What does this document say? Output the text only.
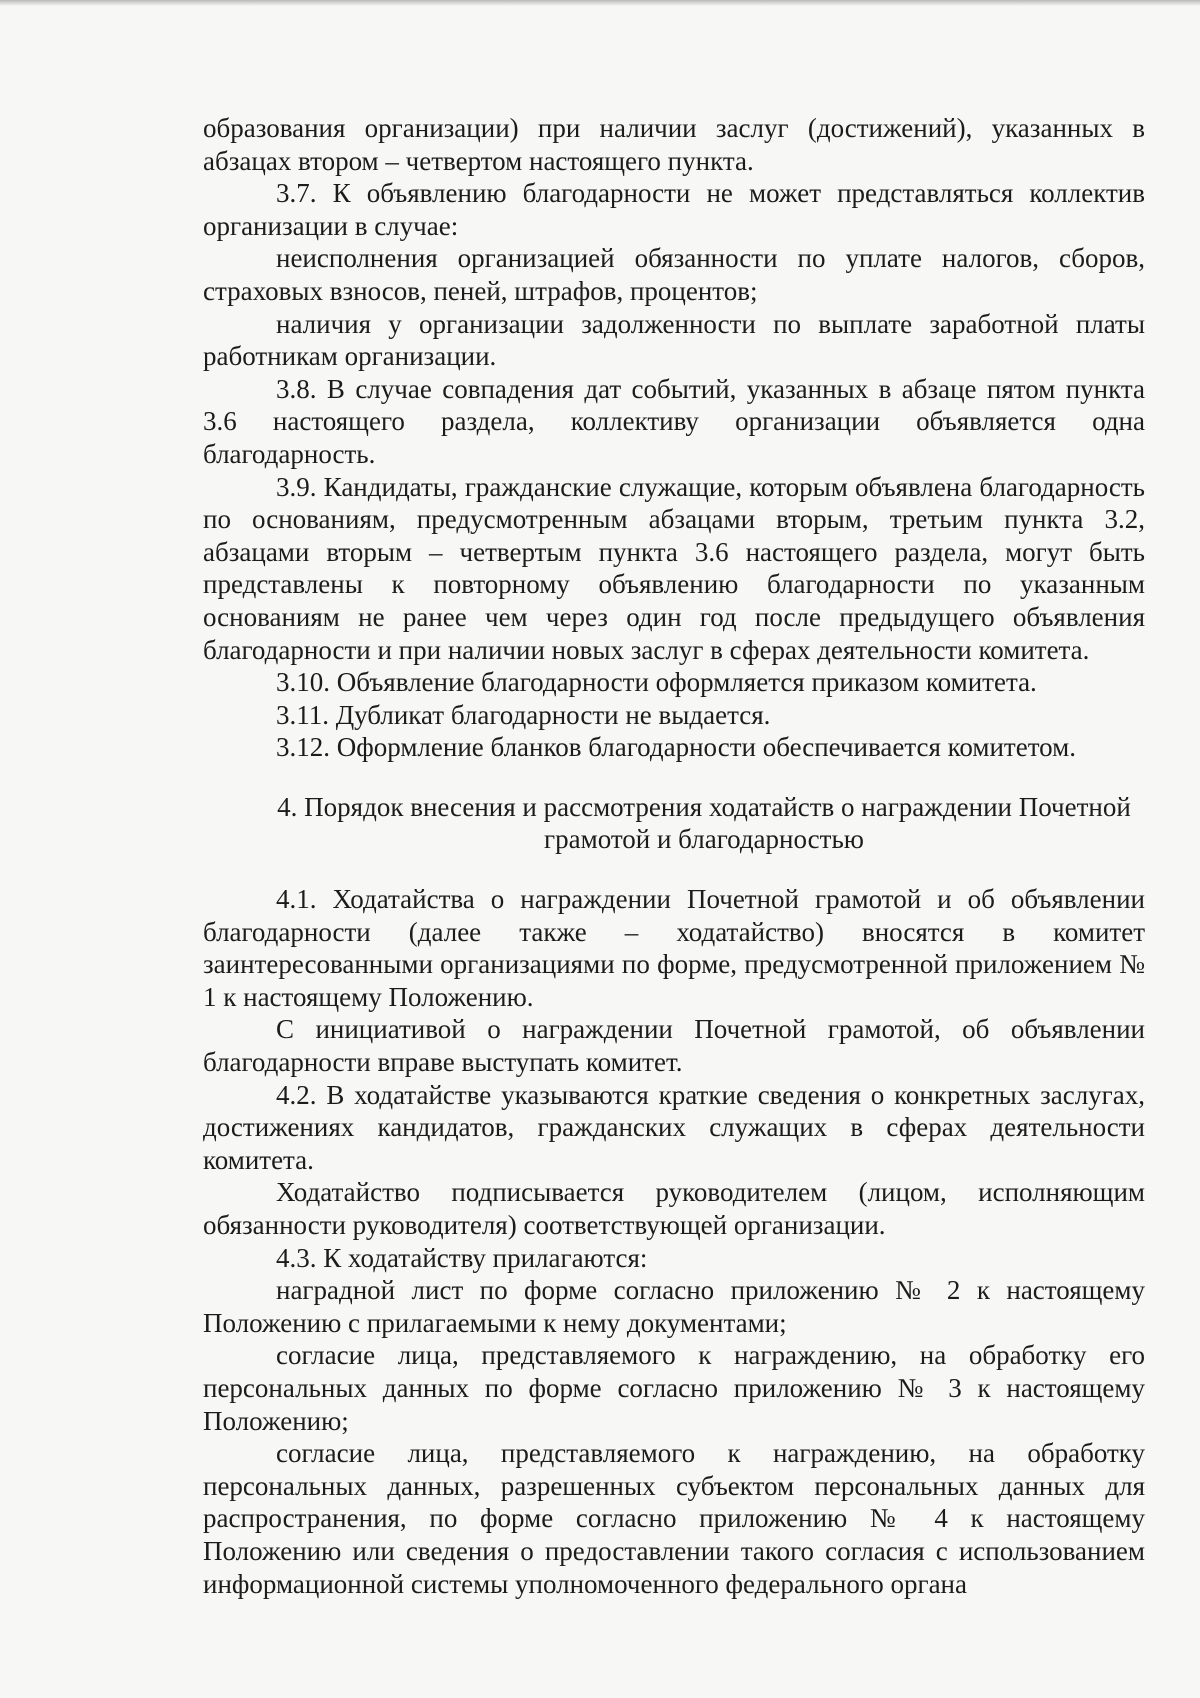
образования организации) при наличии заслуг (достижений), указанных в абзацах втором – четвертом настоящего пункта.

3.7. К объявлению благодарности не может представляться коллектив организации в случае:

неисполнения организацией обязанности по уплате налогов, сборов, страховых взносов, пеней, штрафов, процентов;

наличия у организации задолженности по выплате заработной платы работникам организации.

3.8. В случае совпадения дат событий, указанных в абзаце пятом пункта 3.6 настоящего раздела, коллективу организации объявляется одна благодарность.

3.9. Кандидаты, гражданские служащие, которым объявлена благодарность по основаниям, предусмотренным абзацами вторым, третьим пункта 3.2, абзацами вторым – четвертым пункта 3.6 настоящего раздела, могут быть представлены к повторному объявлению благодарности по указанным основаниям не ранее чем через один год после предыдущего объявления благодарности и при наличии новых заслуг в сферах деятельности комитета.

3.10. Объявление благодарности оформляется приказом комитета.

3.11. Дубликат благодарности не выдается.

3.12. Оформление бланков благодарности обеспечивается комитетом.

4. Порядок внесения и рассмотрения ходатайств о награждении Почетной грамотой и благодарностью

4.1. Ходатайства о награждении Почетной грамотой и об объявлении благодарности (далее также – ходатайство) вносятся в комитет заинтересованными организациями по форме, предусмотренной приложением № 1 к настоящему Положению.

С инициативой о награждении Почетной грамотой, об объявлении благодарности вправе выступать комитет.

4.2. В ходатайстве указываются краткие сведения о конкретных заслугах, достижениях кандидатов, гражданских служащих в сферах деятельности комитета.

Ходатайство подписывается руководителем (лицом, исполняющим обязанности руководителя) соответствующей организации.

4.3. К ходатайству прилагаются:

наградной лист по форме согласно приложению № 2 к настоящему Положению с прилагаемыми к нему документами;

согласие лица, представляемого к награждению, на обработку его персональных данных по форме согласно приложению № 3 к настоящему Положению;

согласие лица, представляемого к награждению, на обработку персональных данных, разрешенных субъектом персональных данных для распространения, по форме согласно приложению № 4 к настоящему Положению или сведения о предоставлении такого согласия с использованием информационной системы уполномоченного федерального органа
